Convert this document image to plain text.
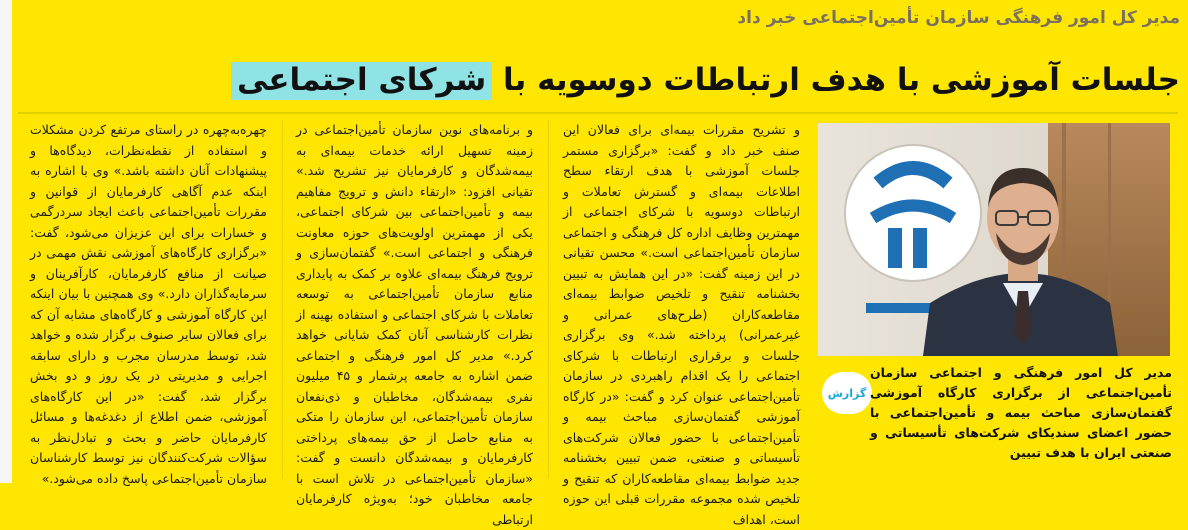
مدیر کل امور فرهنگی سازمان تأمین‌اجتماعی خبر داد
جلسات آموزشی با هدف ارتباطات دوسویه با شرکای اجتماعی
گزارش
مدیر کل امور فرهنگی و اجتماعی سازمان تأمین‌اجتماعی از برگزاری کارگاه آموزشی گفتمان‌سازی مباحث بیمه و تأمین‌اجتماعی با حضور اعضای سندیکای شرکت‌های تأسیساتی و صنعتی ایران با هدف تبیین

و تشریح مقررات بیمه‌ای برای فعالان این صنف خبر داد و گفت: «برگزاری مستمر جلسات آموزشی با هدف ارتقاء سطح اطلاعات بیمه‌ای و گسترش تعاملات و ارتباطات دوسویه با شرکای اجتماعی از مهمترین وظایف اداره کل فرهنگی و اجتماعی سازمان تأمین‌اجتماعی است.» محسن تقیانی در این زمینه گفت: «در این همایش به تبیین بخشنامه تنقیح و تلخیص ضوابط بیمه‌ای مقاطعه‌کاران (طرح‌های عمرانی و غیرعمرانی) پرداخته شد.» وی برگزاری جلسات و برقراری ارتباطات با شرکای اجتماعی را یک اقدام راهبردی در سازمان تأمین‌اجتماعی عنوان کرد و گفت: «در کارگاه آموزشی گفتمان‌سازی مباحث بیمه و تأمین‌اجتماعی با حضور فعالان شرکت‌های تأسیساتی و صنعتی، ضمن تبیین بخشنامه جدید ضوابط بیمه‌ای مقاطعه‌کاران که تنقیح و تلخیص شده مجموعه مقررات قبلی این حوزه است، اهداف

و برنامه‌های نوین سازمان تأمین‌اجتماعی در زمینه تسهیل ارائه خدمات بیمه‌ای به بیمه‌شدگان و کارفرمایان نیز تشریح شد.» تقیانی افزود: «ارتقاء دانش و ترویج مفاهیم بیمه و تأمین‌اجتماعی بین شرکای اجتماعی، یکی از مهمترین اولویت‌های حوزه معاونت فرهنگی و اجتماعی است.» گفتمان‌سازی و ترویج فرهنگ بیمه‌ای علاوه بر کمک به پایداری منابع سازمان تأمین‌اجتماعی به توسعه تعاملات با شرکای اجتماعی و استفاده بهینه از نظرات کارشناسی آنان کمک شایانی خواهد کرد.» مدیر کل امور فرهنگی و اجتماعی ضمن اشاره به جامعه پرشمار و ۴۵ میلیون نفری بیمه‌شدگان، مخاطبان و ذی‌نفعان سازمان تأمین‌اجتماعی، این سازمان را متکی به منابع حاصل از حق بیمه‌های پرداختی کارفرمایان و بیمه‌شدگان دانست و گفت: «سازمان تأمین‌اجتماعی در تلاش است با جامعه مخاطبان خود؛ به‌ویژه کارفرمایان ارتباطی

چهره‌به‌چهره در راستای مرتفع کردن مشکلات و استفاده از نقطه‌نظرات، دیدگاه‌ها و پیشنهادات آنان داشته باشد.» وی با اشاره به اینکه عدم آگاهی کارفرمایان از قوانین و مقررات تأمین‌اجتماعی باعث ایجاد سردرگمی و خسارات برای این عزیزان می‌شود، گفت: «برگزاری کارگاه‌های آموزشی نقش مهمی در صیانت از منافع کارفرمایان، کارآفرینان و سرمایه‌گذاران دارد.» وی همچنین با بیان اینکه این کارگاه آموزشی و کارگاه‌های مشابه آن که برای فعالان سایر صنوف برگزار شده و خواهد شد، توسط مدرسان مجرب و دارای سابقه اجرایی و مدیریتی در یک روز و دو بخش برگزار شد، گفت: «در این کارگاه‌های آموزشی، ضمن اطلاع از دغدغه‌ها و مسائل کارفرمایان حاضر و بحث و تبادل‌نظر به سؤالات شرکت‌کنندگان نیز توسط کارشناسان سازمان تأمین‌اجتماعی پاسخ داده می‌شود.»
